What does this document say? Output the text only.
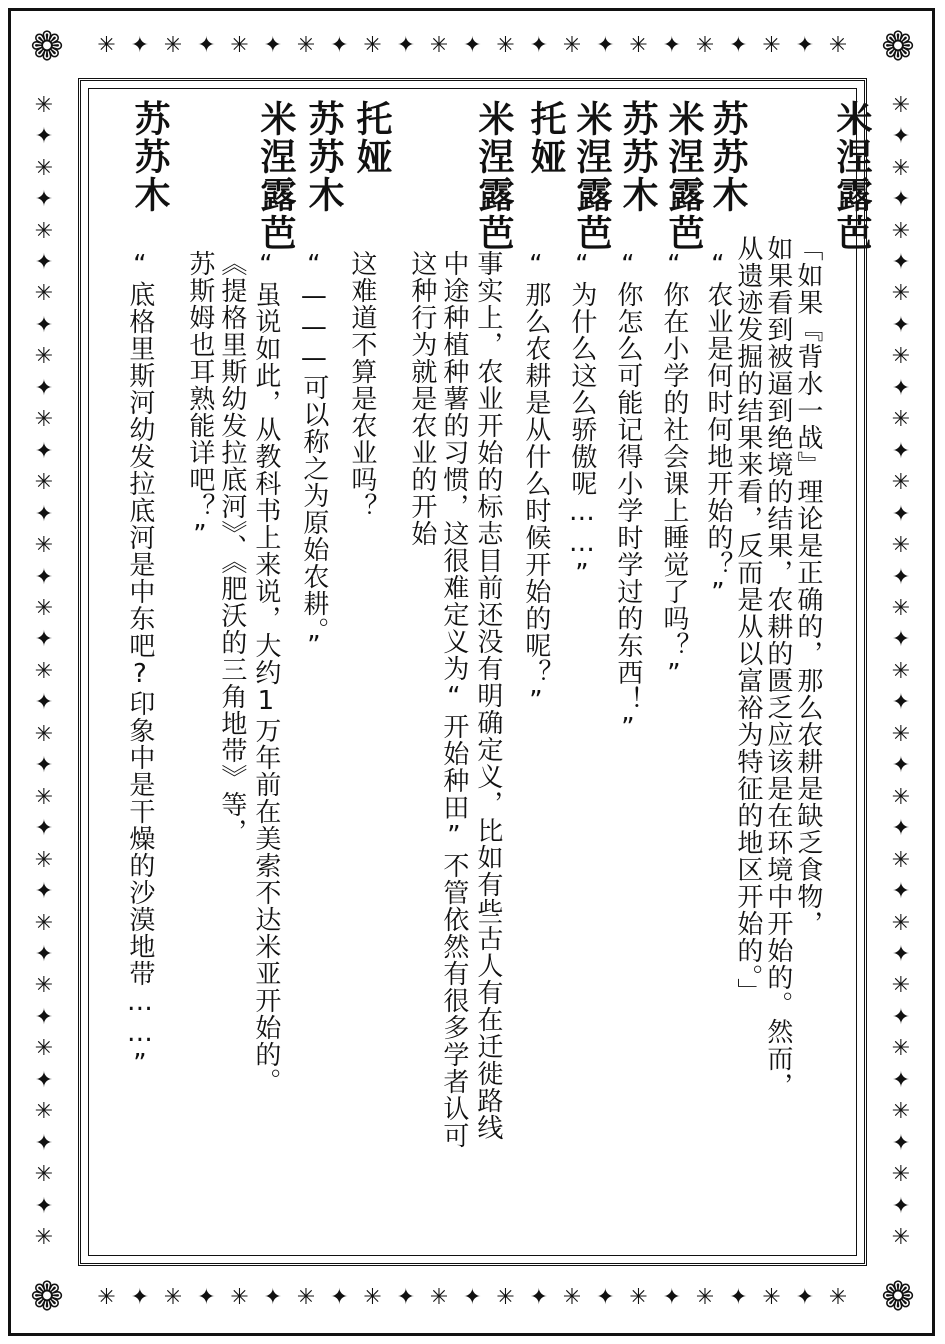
❁	❁
❁	❁
✳ ✦ ✳ ✦ ✳ ✦ ✳ ✦ ✳ ✦ ✳ ✦ ✳ ✦ ✳ ✦ ✳ ✦ ✳ ✦ ✳ ✦ ✳
✳ ✦ ✳ ✦ ✳ ✦ ✳ ✦ ✳ ✦ ✳ ✦ ✳ ✦ ✳ ✦ ✳ ✦ ✳ ✦ ✳ ✦ ✳
✳
✦
✳
✦
✳
✦
✳
✦
✳
✦
✳
✦
✳
✦
✳
✦
✳
✦
✳
✦
✳
✦
✳
✦
✳
✦
✳
✦
✳
✦
✳
✦
✳
✦
✳
✦
✳
✳
✦
✳
✦
✳
✦
✳
✦
✳
✦
✳
✦
✳
✦
✳
✦
✳
✦
✳
✦
✳
✦
✳
✦
✳
✦
✳
✦
✳
✦
✳
✦
✳
✦
✳
✦
✳
米涅露芭
「如果『背水一战』理论是正确的，那么农耕是缺乏食物，
如果看到被逼到绝境的结果，农耕的匮乏应该是在环境中开始的。然而，
从遗迹发掘的结果来看，反而是从以富裕为特征的地区开始的。」
苏苏木
“农业是何时何地开始的？”
米涅露芭
“你在小学的社会课上睡觉了吗？”
苏苏木
“你怎么可能记得小学时学过的东西！”
米涅露芭
“为什么这么骄傲呢……”
托娅
“那么农耕是从什么时候开始的呢？”
米涅露芭
事实上，农业开始的标志目前还没有明确定义，比如有些古人有在迁徙路线
中途种植种薯的习惯，这很难定义为“开始种田”不管依然有很多学者认可
这种行为就是农业的开始
托娅
这难道不算是农业吗？
苏苏木
“———可以称之为原始农耕。”
米涅露芭
“虽说如此，从教科书上来说，大约1万年前在美索不达米亚开始的。
《提格里斯幼发拉底河》、《肥沃的三角地带》等，
苏斯姆也耳熟能详吧？”
苏苏木
“底格里斯河幼发拉底河是中东吧?印象中是干燥的沙漠地带……”
